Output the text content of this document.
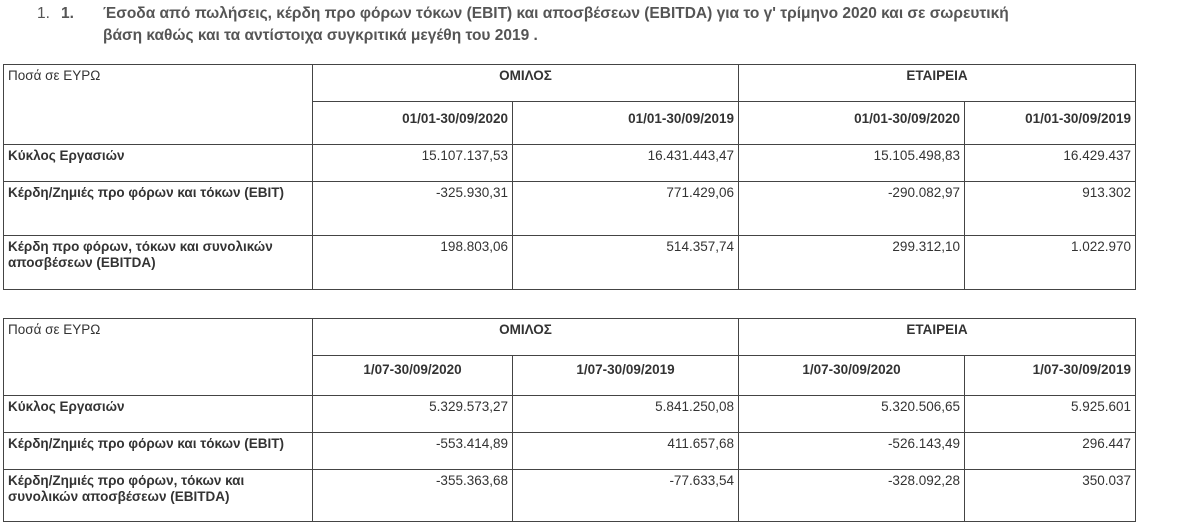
1. 1. Έσοδα από πωλήσεις, κέρδη προ φόρων τόκων (EBIT) και αποσβέσεων (EBITDA) για το γ' τρίμηνο 2020 και σε σωρευτική
βάση καθώς και τα αντίστοιχα συγκριτικά μεγέθη του 2019 .
Ποσά σε ΕΥΡΩ	ΟΜΙΛΟΣ		ΕΤΑΙΡΕΙΑ	
	01/01-30/09/2020	01/01-30/09/2019	01/01-30/09/2020	01/01-30/09/2019
Κύκλος Εργασιών	15.107.137,53	16.431.443,47	15.105.498,83	16.429.437
Κέρδη/Ζημιές προ φόρων και τόκων (EBIT)	-325.930,31	771.429,06	-290.082,97	913.302
Κέρδη προ φόρων, τόκων και συνολικών αποσβέσεων (EBITDA)	198.803,06	514.357,74	299.312,10	1.022.970
Ποσά σε ΕΥΡΩ	ΟΜΙΛΟΣ		ΕΤΑΙΡΕΙΑ	
	1/07-30/09/2020	1/07-30/09/2019	1/07-30/09/2020	1/07-30/09/2019
Κύκλος Εργασιών	5.329.573,27	5.841.250,08	5.320.506,65	5.925.601
Κέρδη/Ζημιές προ φόρων και τόκων (EBIT)	-553.414,89	411.657,68	-526.143,49	296.447
Κέρδη/Ζημιές προ φόρων, τόκων και συνολικών αποσβέσεων (EBITDA)	-355.363,68	-77.633,54	-328.092,28	350.037
